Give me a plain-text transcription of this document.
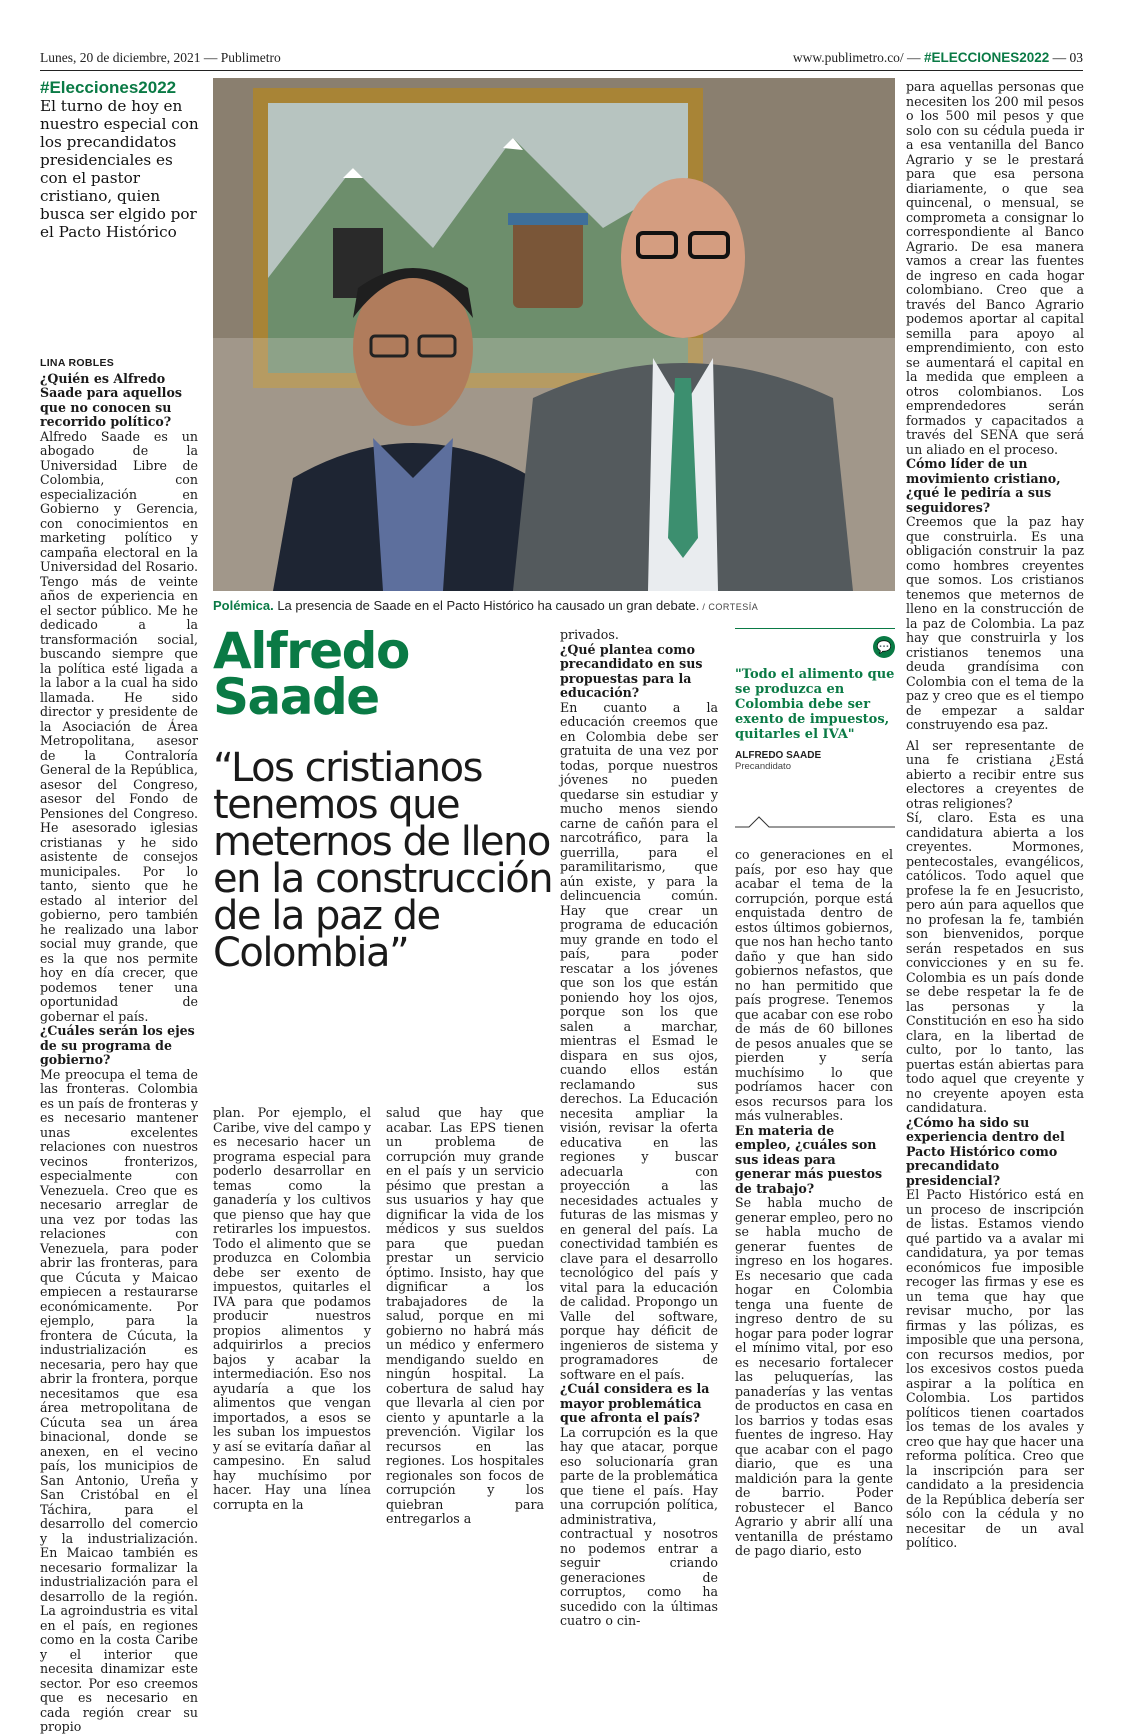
Lunes, 20 de diciembre, 2021 — Publimetro	www.publimetro.co/ — #ELECCIONES2022 — 03
#Elecciones2022
El turno de hoy en nuestro especial con los precandidatos presidenciales es con el pastor cristiano, quien busca ser elgido por el Pacto Histórico
Polémica. La presencia de Saade en el Pacto Histórico ha causado un gran debate. / CORTESÍA
Alfredo Saade
“Los cristianos tenemos que meternos de lleno en la construcción de la paz de Colombia”
LINA ROBLES

¿Quién es Alfredo Saade para aquellos que no conocen su recorrido político?

Alfredo Saade es un abogado de la Universidad Libre de Colombia, con especialización en Gobierno y Gerencia, con conocimientos en marketing político y campaña electoral en la Universidad del Rosario. Tengo más de veinte años de experiencia en el sector público. Me he dedicado a la transformación social, buscando siempre que la política esté ligada a la labor a la cual ha sido llamada. He sido director y presidente de la Asociación de Área Metropolitana, asesor de la Contraloría General de la República, asesor del Congreso, asesor del Fondo de Pensiones del Congreso. He asesorado iglesias cristianas y he sido asistente de consejos municipales. Por lo tanto, siento que he estado al interior del gobierno, pero también he realizado una labor social muy grande, que es la que nos permite hoy en día crecer, que podemos tener una oportunidad de gobernar el país.

¿Cuáles serán los ejes de su programa de gobierno?

Me preocupa el tema de las fronteras. Colombia es un país de fronteras y es necesario mantener unas excelentes relaciones con nuestros vecinos fronterizos, especialmente con Venezuela. Creo que es necesario arreglar de una vez por todas las relaciones con Venezuela, para poder abrir las fronteras, para que Cúcuta y Maicao empiecen a restaurarse económicamente. Por ejemplo, para la frontera de Cúcuta, la industrialización es necesaria, pero hay que abrir la frontera, porque necesitamos que esa área metropolitana de Cúcuta sea un área binacional, donde se anexen, en el vecino país, los municipios de San Antonio, Ureña y San Cristóbal en el Táchira, para el desarrollo del comercio y la industrialización. En Maicao también es necesario formalizar la industrialización para el desarrollo de la región. La agroindustria es vital en el país, en regiones como en la costa Caribe y el interior que necesita dinamizar este sector. Por eso creemos que es necesario en cada región crear su propio

plan. Por ejemplo, el Caribe, vive del campo y es necesario hacer un programa especial para poderlo desarrollar en temas como la ganadería y los cultivos que pienso que hay que retirarles los impuestos. Todo el alimento que se produzca en Colombia debe ser exento de impuestos, quitarles el IVA para que podamos producir nuestros propios alimentos y adquirirlos a precios bajos y acabar la intermediación. Eso nos ayudaría a que los alimentos que vengan importados, a esos se les suban los impuestos y así se evitaría dañar al campesino. En salud hay muchísimo por hacer. Hay una línea corrupta en la

salud que hay que acabar. Las EPS tienen un problema de corrupción muy grande en el país y un servicio pésimo que prestan a sus usuarios y hay que dignificar la vida de los médicos y sus sueldos para que puedan prestar un servicio óptimo. Insisto, hay que dignificar a los trabajadores de la salud, porque en mi gobierno no habrá más un médico y enfermero mendigando sueldo en ningún hospital. La cobertura de salud hay que llevarla al cien por ciento y apuntarle a la prevención. Vigilar los recursos en las regiones. Los hospitales regionales son focos de corrupción y los quiebran para entregarlos a

privados.

¿Qué plantea como precandidato en sus propuestas para la educación?

En cuanto a la educación creemos que en Colombia debe ser gratuita de una vez por todas, porque nuestros jóvenes no pueden quedarse sin estudiar y mucho menos siendo carne de cañón para el narcotráfico, para la guerrilla, para el paramilitarismo, que aún existe, y para la delincuencia común. Hay que crear un programa de educación muy grande en todo el país, para poder rescatar a los jóvenes que son los que están poniendo hoy los ojos, porque son los que salen a marchar, mientras el Esmad le dispara en sus ojos, cuando ellos están reclamando sus derechos. La Educación necesita ampliar la visión, revisar la oferta educativa en las regiones y buscar adecuarla con proyección a las necesidades actuales y futuras de las mismas y en general del país. La conectividad también es clave para el desarrollo tecnológico del país y vital para la educación de calidad. Propongo un Valle del software, porque hay déficit de ingenieros de sistema y programadores de software en el país.

¿Cuál considera es la mayor problemática que afronta el país?

La corrupción es la que hay que atacar, porque eso solucionaría gran parte de la problemática que tiene el país. Hay una corrupción política, administrativa, contractual y nosotros no podemos entrar a seguir criando generaciones de corruptos, como ha sucedido con la últimas cuatro o cin-

💬
"Todo el alimento que se produzca en Colombia debe ser exento de impuestos, quitarles el IVA"
ALFREDO SAADE
Precandidato

co generaciones en el país, por eso hay que acabar el tema de la corrupción, porque está enquistada dentro de estos últimos gobiernos, que nos han hecho tanto daño y que han sido gobiernos nefastos, que no han permitido que país progrese. Tenemos que acabar con ese robo de más de 60 billones de pesos anuales que se pierden y sería muchísimo lo que podríamos hacer con esos recursos para los más vulnerables.

En materia de empleo, ¿cuáles son sus ideas para generar más puestos de trabajo?

Se habla mucho de generar empleo, pero no se habla mucho de generar fuentes de ingreso en los hogares. Es necesario que cada hogar en Colombia tenga una fuente de ingreso dentro de su hogar para poder lograr el mínimo vital, por eso es necesario fortalecer las peluquerías, las panaderías y las ventas de productos en casa en los barrios y todas esas fuentes de ingreso. Hay que acabar con el pago diario, que es una maldición para la gente de barrio. Poder robustecer el Banco Agrario y abrir allí una ventanilla de préstamo de pago diario, esto

para aquellas personas que necesiten los 200 mil pesos o los 500 mil pesos y que solo con su cédula pueda ir a esa ventanilla del Banco Agrario y se le prestará para que esa persona diariamente, o que sea quincenal, o mensual, se comprometa a consignar lo correspondiente al Banco Agrario. De esa manera vamos a crear las fuentes de ingreso en cada hogar colombiano. Creo que a través del Banco Agrario podemos aportar al capital semilla para apoyo al emprendimiento, con esto se aumentará el capital en la medida que empleen a otros colombianos. Los emprendedores serán formados y capacitados a través del SENA que será un aliado en el proceso.

Cómo líder de un movimiento cristiano, ¿qué le pediría a sus seguidores?

Creemos que la paz hay que construirla. Es una obligación construir la paz como hombres creyentes que somos. Los cristianos tenemos que meternos de lleno en la construcción de la paz de Colombia. La paz hay que construirla y los cristianos tenemos una deuda grandísima con Colombia con el tema de la paz y creo que es el tiempo de empezar a saldar construyendo esa paz.

Al ser representante de una fe cristiana ¿Está abierto a recibir entre sus electores a creyentes de otras religiones?

Sí, claro. Esta es una candidatura abierta a los creyentes. Mormones, pentecostales, evangélicos, católicos. Todo aquel que profese la fe en Jesucristo, pero aún para aquellos que no profesan la fe, también son bienvenidos, porque serán respetados en sus convicciones y en su fe. Colombia es un país donde se debe respetar la fe de las personas y la Constitución en eso ha sido clara, en la libertad de culto, por lo tanto, las puertas están abiertas para todo aquel que creyente y no creyente apoyen esta candidatura.

¿Cómo ha sido su experiencia dentro del Pacto Histórico como precandidato presidencial?

El Pacto Histórico está en un proceso de inscripción de listas. Estamos viendo qué partido va a avalar mi candidatura, ya por temas económicos fue imposible recoger las firmas y ese es un tema que hay que revisar mucho, por las firmas y las pólizas, es imposible que una persona, con recursos medios, por los excesivos costos pueda aspirar a la política en Colombia. Los partidos políticos tienen coartados los temas de los avales y creo que hay que hacer una reforma política. Creo que la inscripción para ser candidato a la presidencia de la República debería ser sólo con la cédula y no necesitar de un aval político.
